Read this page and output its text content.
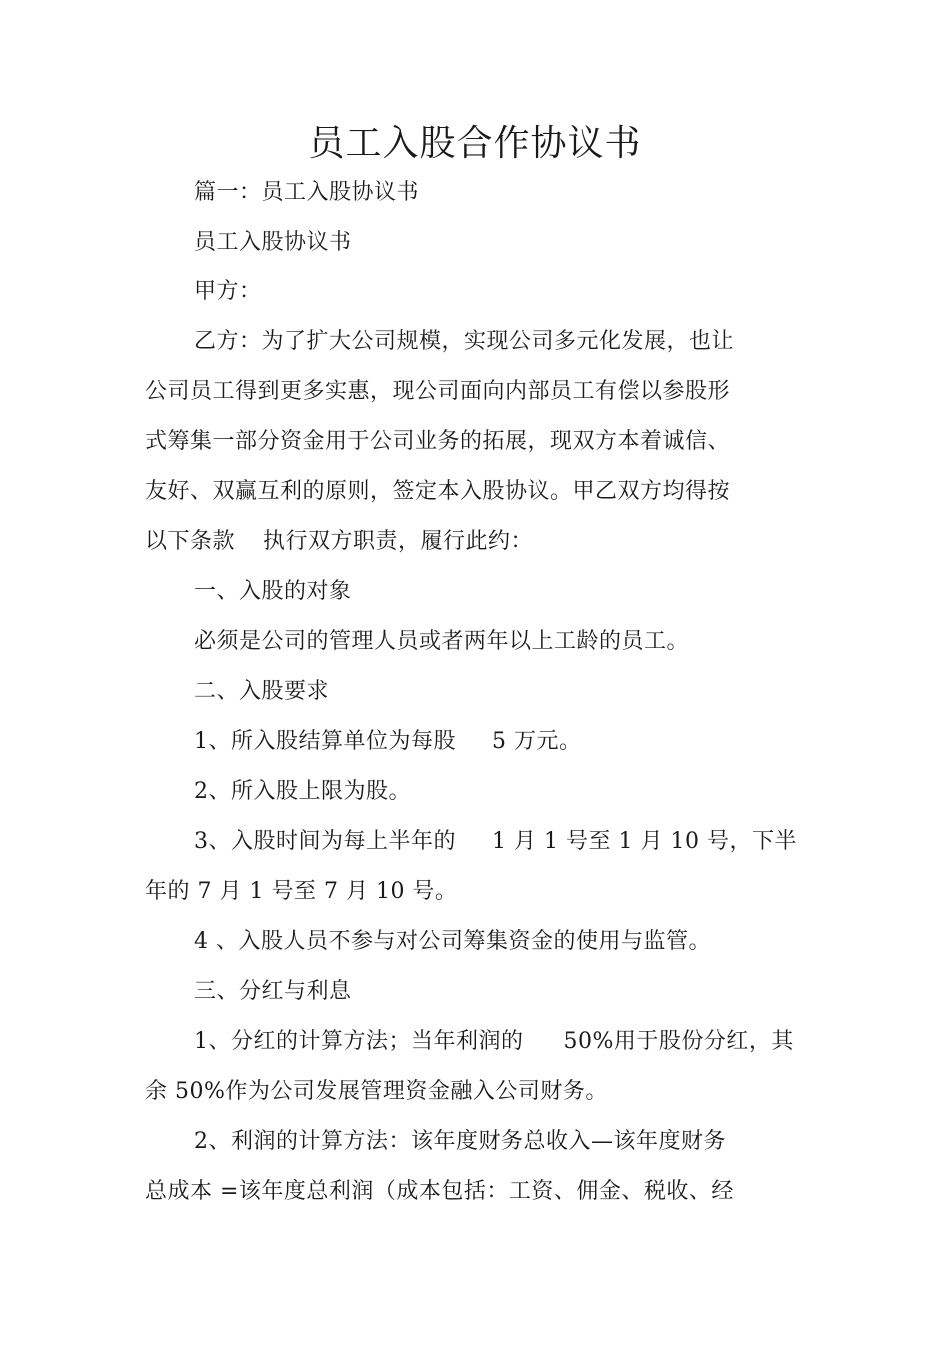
员工入股合作协议书
篇一：员工入股协议书
员工入股协议书
甲方：
乙方：为了扩大公司规模，实现公司多元化发展，也让
公司员工得到更多实惠，现公司面向内部员工有偿以参股形
式筹集一部分资金用于公司业务的拓展，现双方本着诚信、
友好、双赢互利的原则，签定本入股协议。甲乙双方均得按
以下条款 执行双方职责，履行此约：
一、入股的对象
必须是公司的管理人员或者两年以上工龄的员工。
二、入股要求
1、所入股结算单位为每股 5 万元。
2、所入股上限为股。
3、入股时间为每上半年的 1 月 1 号至 1 月 10 号，下半
年的 7 月 1 号至 7 月 10 号。
4 、入股人员不参与对公司筹集资金的使用与监管。
三、分红与利息
1、分红的计算方法；当年利润的 50%用于股份分红，其
余 50%作为公司发展管理资金融入公司财务。
2、利润的计算方法：该年度财务总收入—该年度财务
总成本 =该年度总利润（成本包括：工资、佣金、税收、经
